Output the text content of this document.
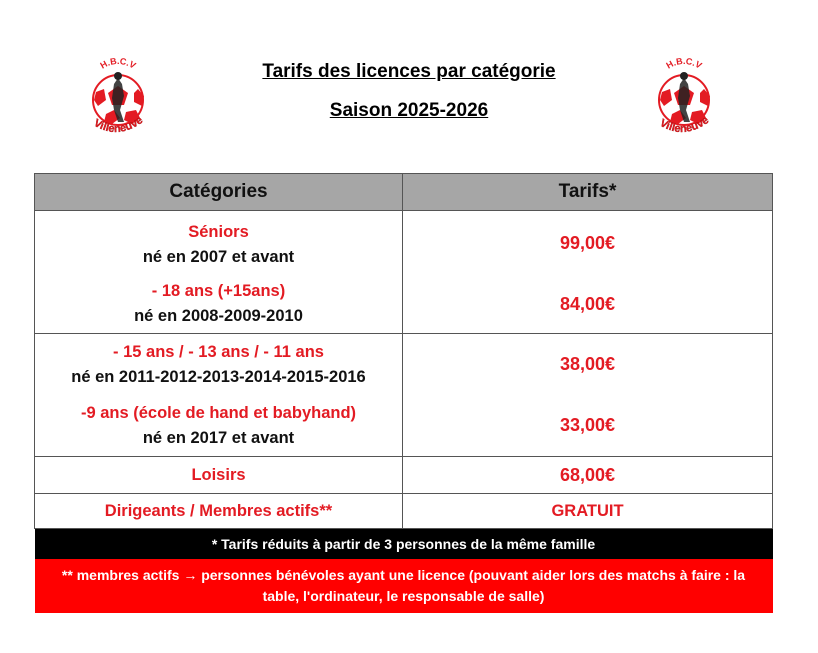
H.B.C.V
Villeneuve
H.B.C.V
Villeneuve
Tarifs des licences par catégorie
Saison 2025-2026
Catégories	Tarifs*

Séniors
né en 2007 et avant	99,00€

- 18 ans (+15ans)
né en 2008-2009-2010	84,00€

- 15 ans / - 13 ans / - 11 ans
né en 2011-2012-2013-2014-2015-2016	38,00€

-9 ans (école de hand et babyhand)
né en 2017 et avant	33,00€
Loisirs	68,00€
Dirigeants / Membres actifs**	GRATUIT
* Tarifs réduits à partir de 3 personnes de la même famille	
** membres actifs → personnes bénévoles ayant une licence (pouvant aider lors des matchs à faire : la table, l'ordinateur, le responsable de salle)	
